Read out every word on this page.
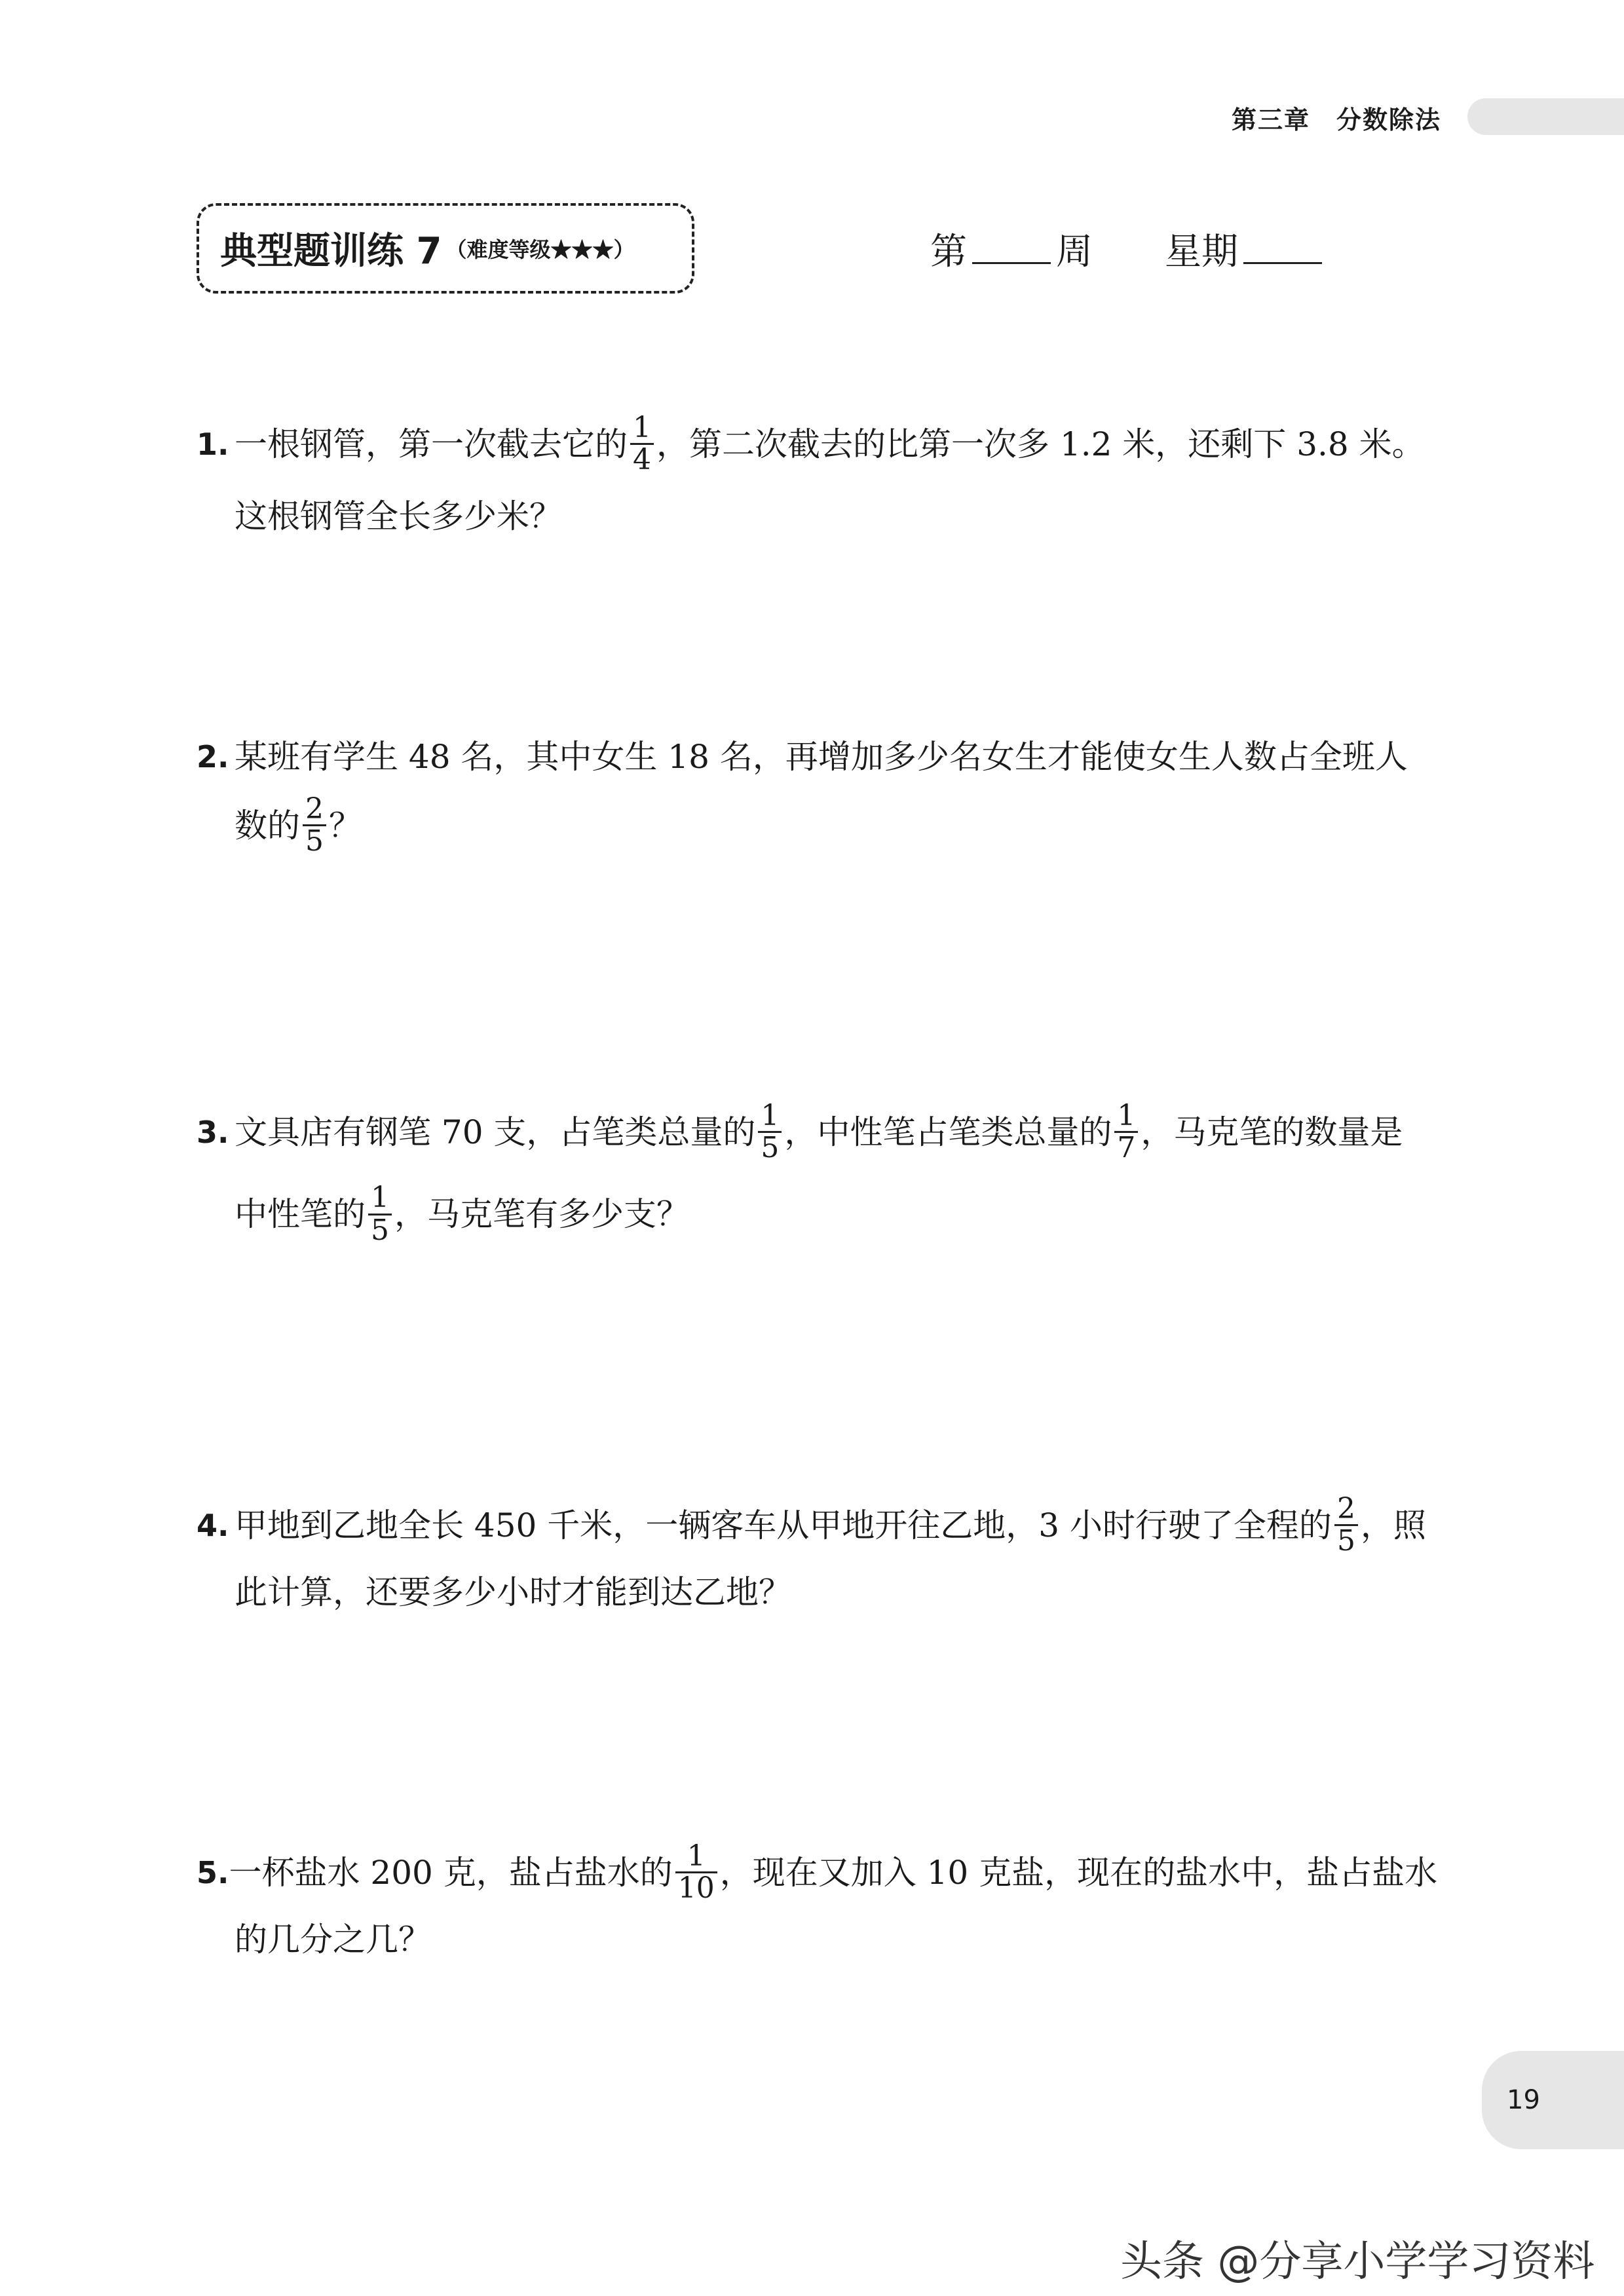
第三章　分数除法
典型题训练 7 （难度等级★★★）	第 周 星期
1. 一根钢管，第一次截去它的 $\frac{1}{4}$ ，第二次截去的比第一次多 1.2 米，还剩下 3.8 米。
这根钢管全长多少米？
2. 某班有学生 48 名，其中女生 18 名，再增加多少名女生才能使女生人数占全班人
数的 $\frac{2}{5}$ ？
3. 文具店有钢笔 70 支，占笔类总量的 $\frac{1}{5}$ ，中性笔占笔类总量的 $\frac{1}{7}$ ，马克笔的数量是
中性笔的 $\frac{1}{5}$ ，马克笔有多少支？
4. 甲地到乙地全长 450 千米，一辆客车从甲地开往乙地，3 小时行驶了全程的 $\frac{2}{5}$ ，照
此计算，还要多少小时才能到达乙地？
5. 一杯盐水 200 克，盐占盐水的 $\frac{1}{10}$ ，现在又加入 10 克盐，现在的盐水中，盐占盐水
的几分之几？
19
头条 @分享小学学习资料
